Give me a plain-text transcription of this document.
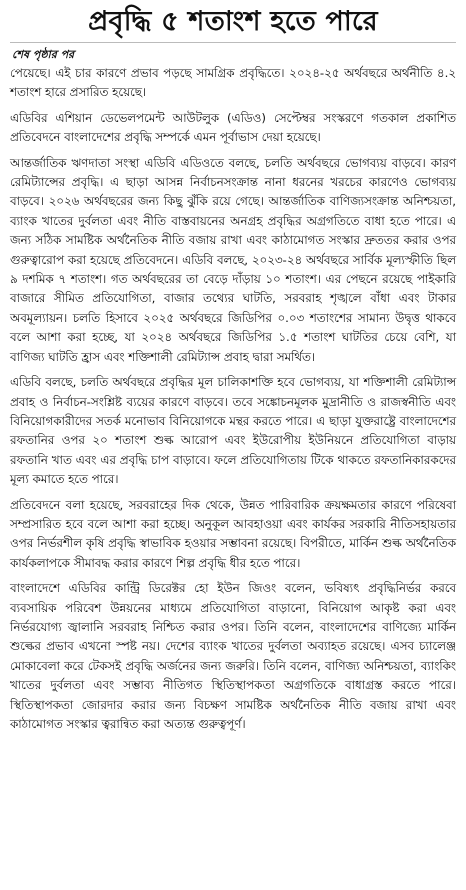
প্রবৃদ্ধি ৫ শতাংশ হতে পারে
শেষ পৃষ্ঠার পর

পেয়েছে। এই চার কারণে প্রভাব পড়ছে সামগ্রিক প্রবৃদ্ধিতে। ২০২৪-২৫ অর্থবছরে অর্থনীতি ৪.২ শতাংশ হারে প্রসারিত হয়েছে।

এডিবির এশিয়ান ডেভেলপমেন্ট আউটলুক (এডিও) সেপ্টেম্বর সংস্করণে গতকাল প্রকাশিত প্রতিবেদনে বাংলাদেশের প্রবৃদ্ধি সম্পর্কে এমন পূর্বাভাস দেয়া হয়েছে।

আন্তর্জাতিক ঋণদাতা সংস্থা এডিবি এডিওতে বলছে, চলতি অর্থবছরে ভোগব্যয় বাড়বে। কারণ রেমিট্যান্সের প্রবৃদ্ধি। এ ছাড়া আসন্ন নির্বাচনসংক্রান্ত নানা ধরনের খরচের কারণেও ভোগব্যয় বাড়বে। ২০২৬ অর্থবছরের জন্য কিছু ঝুঁকি রয়ে গেছে। আন্তর্জাতিক বাণিজ্যসংক্রান্ত অনিশ্চয়তা, ব্যাংক খাতের দুর্বলতা এবং নীতি বাস্তবায়নের অনগ্রহ প্রবৃদ্ধির অগ্রগতিতে বাধা হতে পারে। এ জন্য সঠিক সামষ্টিক অর্থনৈতিক নীতি বজায় রাখা এবং কাঠামোগত সংস্কার দ্রুততর করার ওপর গুরুত্বারোপ করা হয়েছে প্রতিবেদনে। এডিবি বলছে, ২০২৩-২৪ অর্থবছরে সার্বিক মূল্যস্ফীতি ছিল ৯ দশমিক ৭ শতাংশ। গত অর্থবছরের তা বেড়ে দাঁড়ায় ১০ শতাংশ। এর পেছনে রয়েছে পাইকারি বাজারে সীমিত প্রতিযোগিতা, বাজার তথ্যের ঘাটতি, সরবরাহ শৃঙ্খলে বাঁধা এবং টাকার অবমূল্যায়ন। চলতি হিসাবে ২০২৫ অর্থবছরে জিডিপির ০.০৩ শতাংশের সামান্য উদ্বৃত্ত থাকবে বলে আশা করা হচ্ছে, যা ২০২৪ অর্থবছরে জিডিপির ১.৫ শতাংশ ঘাটতির চেয়ে বেশি, যা বাণিজ্য ঘাটতি হ্রাস এবং শক্তিশালী রেমিট্যান্স প্রবাহ দ্বারা সমর্থিত।

এডিবি বলছে, চলতি অর্থবছরে প্রবৃদ্ধির মূল চালিকাশক্তি হবে ভোগব্যয়, যা শক্তিশালী রেমিট্যান্স প্রবাহ ও নির্বাচন-সংশ্লিষ্ট ব্যয়ের কারণে বাড়বে। তবে সঙ্কোচনমূলক মুদ্রানীতি ও রাজস্বনীতি এবং বিনিয়োগকারীদের সতর্ক মনোভাব বিনিয়োগকে মন্থর করতে পারে। এ ছাড়া যুক্তরাষ্ট্রে বাংলাদেশের রফতানির ওপর ২০ শতাংশ শুল্ক আরোপ এবং ইউরোপীয় ইউনিয়নে প্রতিযোগিতা বাড়ায় রফতানি খাত এবং এর প্রবৃদ্ধি চাপ বাড়াবে। ফলে প্রতিযোগিতায় টিকে থাকতে রফতানিকারকদের মূল্য কমাতে হতে পারে।

প্রতিবেদনে বলা হয়েছে, সরবরাহের দিক থেকে, উন্নত পারিবারিক ক্রয়ক্ষমতার কারণে পরিষেবা সম্প্রসারিত হবে বলে আশা করা হচ্ছে। অনুকূল আবহাওয়া এবং কার্যকর সরকারি নীতিসহায়তার ওপর নির্ভরশীল কৃষি প্রবৃদ্ধি স্বাভাবিক হওয়ার সম্ভাবনা রয়েছে। বিপরীতে, মার্কিন শুল্ক অর্থনৈতিক কার্যকলাপকে সীমাবদ্ধ করার কারণে শিল্প প্রবৃদ্ধি ধীর হতে পারে।

বাংলাদেশে এডিবির কান্ট্রি ডিরেক্টর হো ইউন জিওং বলেন, ভবিষ্যৎ প্রবৃদ্ধিনির্ভর করবে ব্যবসায়িক পরিবেশ উন্নয়নের মাধ্যমে প্রতিযোগিতা বাড়ানো, বিনিয়োগ আকৃষ্ট করা এবং নির্ভরযোগ্য জ্বালানি সরবরাহ নিশ্চিত করার ওপর। তিনি বলেন, বাংলাদেশের বাণিজ্যে মার্কিন শুল্কের প্রভাব এখনো স্পষ্ট নয়। দেশের ব্যাংক খাতের দুর্বলতা অব্যাহত রয়েছে। এসব চ্যালেঞ্জ মোকাবেলা করে টেকসই প্রবৃদ্ধি অর্জনের জন্য জরুরি। তিনি বলেন, বাণিজ্য অনিশ্চয়তা, ব্যাংকিং খাতের দুর্বলতা এবং সম্ভাব্য নীতিগত স্থিতিস্থাপকতা অগ্রগতিকে বাধাগ্রস্ত করতে পারে। স্থিতিস্থাপকতা জোরদার করার জন্য বিচক্ষণ সামষ্টিক অর্থনৈতিক নীতি বজায় রাখা এবং কাঠামোগত সংস্কার ত্বরান্বিত করা অত্যন্ত গুরুত্বপূর্ণ।
